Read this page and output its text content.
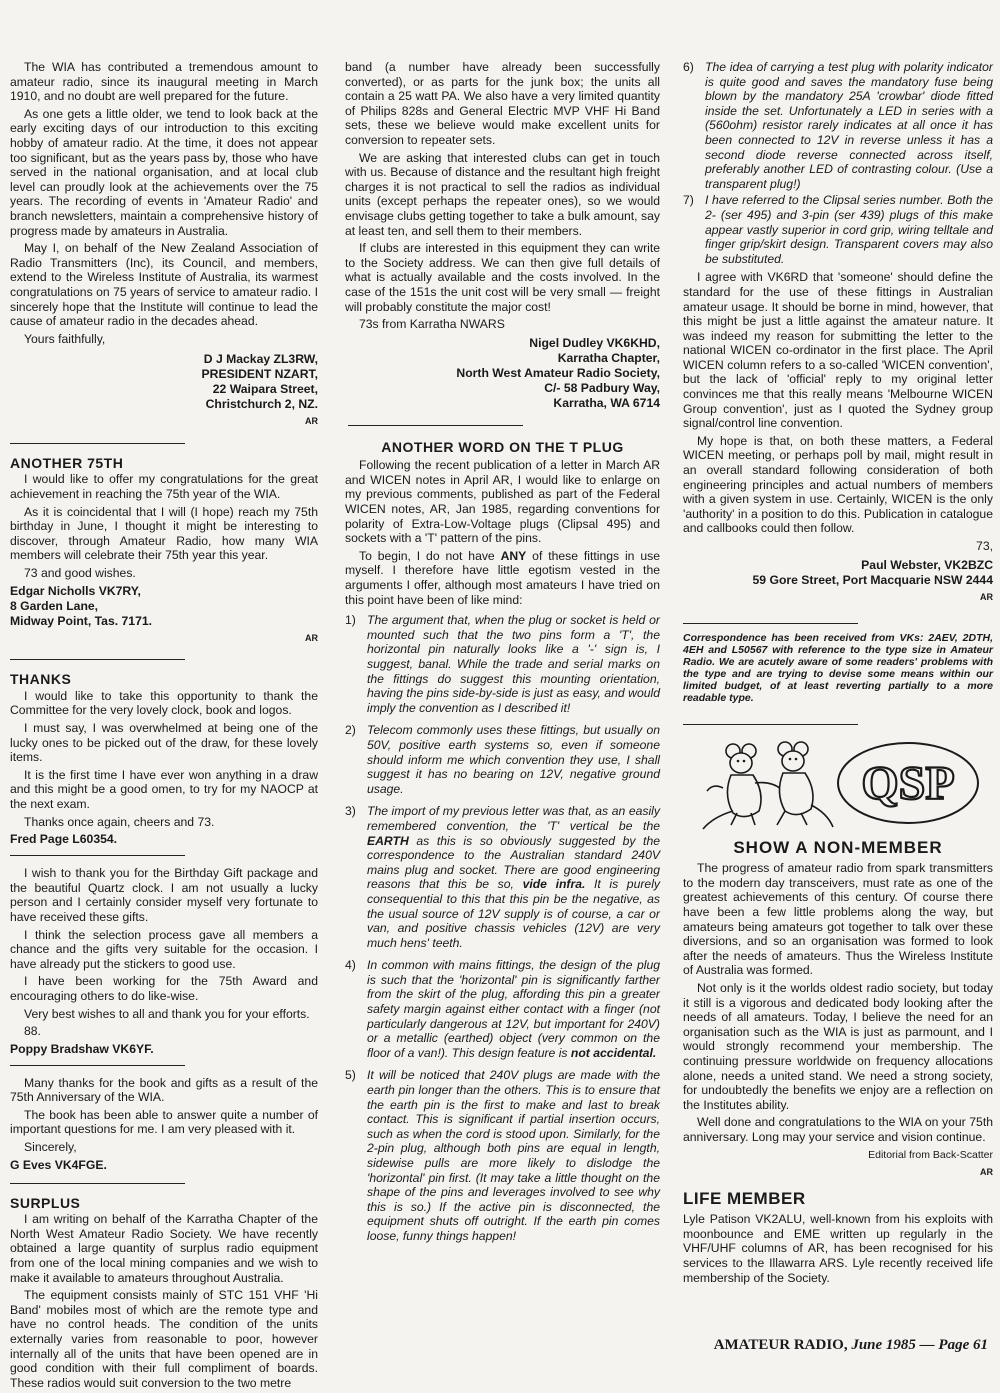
The WIA has contributed a tremendous amount to amateur radio, since its inaugural meeting in March 1910, and no doubt are well prepared for the future.

As one gets a little older, we tend to look back at the early exciting days of our introduction to this exciting hobby of amateur radio. At the time, it does not appear too significant, but as the years pass by, those who have served in the national organisation, and at local club level can proudly look at the achievements over the 75 years. The recording of events in 'Amateur Radio' and branch newsletters, maintain a comprehensive history of progress made by amateurs in Australia.

May I, on behalf of the New Zealand Association of Radio Transmitters (Inc), its Council, and members, extend to the Wireless Institute of Australia, its warmest congratulations on 75 years of service to amateur radio. I sincerely hope that the Institute will continue to lead the cause of amateur radio in the decades ahead.

Yours faithfully,

D J Mackay ZL3RW,
PRESIDENT NZART,
22 Waipara Street,
Christchurch 2, NZ.
AR
ANOTHER 75TH

I would like to offer my congratulations for the great achievement in reaching the 75th year of the WIA.

As it is coincidental that I will (I hope) reach my 75th birthday in June, I thought it might be interesting to discover, through Amateur Radio, how many WIA members will celebrate their 75th year this year.

73 and good wishes.

Edgar Nicholls VK7RY,
8 Garden Lane,
Midway Point, Tas. 7171.
AR
THANKS

I would like to take this opportunity to thank the Committee for the very lovely clock, book and logos.

I must say, I was overwhelmed at being one of the lucky ones to be picked out of the draw, for these lovely items.

It is the first time I have ever won anything in a draw and this might be a good omen, to try for my NAOCP at the next exam.

Thanks once again, cheers and 73.

Fred Page L60354.

I wish to thank you for the Birthday Gift package and the beautiful Quartz clock. I am not usually a lucky person and I certainly consider myself very fortunate to have received these gifts.

I think the selection process gave all members a chance and the gifts very suitable for the occasion. I have already put the stickers to good use.

I have been working for the 75th Award and encouraging others to do like-wise.

Very best wishes to all and thank you for your efforts.

88.

Poppy Bradshaw VK6YF.

Many thanks for the book and gifts as a result of the 75th Anniversary of the WIA.

The book has been able to answer quite a number of important questions for me. I am very pleased with it.

Sincerely,

G Eves VK4FGE.
SURPLUS

I am writing on behalf of the Karratha Chapter of the North West Amateur Radio Society. We have recently obtained a large quantity of surplus radio equipment from one of the local mining companies and we wish to make it available to amateurs throughout Australia.

The equipment consists mainly of STC 151 VHF 'Hi Band' mobiles most of which are the remote type and have no control heads. The condition of the units externally varies from reasonable to poor, however internally all of the units that have been opened are in good condition with their full compliment of boards. These radios would suit conversion to the two metre

band (a number have already been successfully converted), or as parts for the junk box; the units all contain a 25 watt PA. We also have a very limited quantity of Philips 828s and General Electric MVP VHF Hi Band sets, these we believe would make excellent units for conversion to repeater sets.

We are asking that interested clubs can get in touch with us. Because of distance and the resultant high freight charges it is not practical to sell the radios as individual units (except perhaps the repeater ones), so we would envisage clubs getting together to take a bulk amount, say at least ten, and sell them to their members.

If clubs are interested in this equipment they can write to the Society address. We can then give full details of what is actually available and the costs involved. In the case of the 151s the unit cost will be very small — freight will probably constitute the major cost!

73s from Karratha NWARS

Nigel Dudley VK6KHD,
Karratha Chapter,
North West Amateur Radio Society,
C/- 58 Padbury Way,
Karratha, WA 6714
ANOTHER WORD ON THE T PLUG

Following the recent publication of a letter in March AR and WICEN notes in April AR, I would like to enlarge on my previous comments, published as part of the Federal WICEN notes, AR, Jan 1985, regarding conventions for polarity of Extra-Low-Voltage plugs (Clipsal 495) and sockets with a 'T' pattern of the pins.

To begin, I do not have ANY of these fittings in use myself. I therefore have little egotism vested in the arguments I offer, although most amateurs I have tried on this point have been of like mind:

1) The argument that, when the plug or socket is held or mounted such that the two pins form a 'T', the horizontal pin naturally looks like a '-' sign is, I suggest, banal. While the trade and serial marks on the fittings do suggest this mounting orientation, having the pins side-by-side is just as easy, and would imply the convention as I described it!
2) Telecom commonly uses these fittings, but usually on 50V, positive earth systems so, even if someone should inform me which convention they use, I shall suggest it has no bearing on 12V, negative ground usage.
3) The import of my previous letter was that, as an easily remembered convention, the 'T' vertical be the EARTH as this is so obviously suggested by the correspondence to the Australian standard 240V mains plug and socket. There are good engineering reasons that this be so, vide infra. It is purely consequential to this that this pin be the negative, as the usual source of 12V supply is of course, a car or van, and positive chassis vehicles (12V) are very much hens' teeth.
4) In common with mains fittings, the design of the plug is such that the 'horizontal' pin is significantly farther from the skirt of the plug, affording this pin a greater safety margin against either contact with a finger (not particularly dangerous at 12V, but important for 240V) or a metallic (earthed) object (very common on the floor of a van!). This design feature is not accidental.
5) It will be noticed that 240V plugs are made with the earth pin longer than the others. This is to ensure that the earth pin is the first to make and last to break contact. This is significant if partial insertion occurs, such as when the cord is stood upon. Similarly, for the 2-pin plug, although both pins are equal in length, sidewise pulls are more likely to dislodge the 'horizontal' pin first. (It may take a little thought on the shape of the pins and leverages involved to see why this is so.) If the active pin is disconnected, the equipment shuts off outright. If the earth pin comes loose, funny things happen!
6) The idea of carrying a test plug with polarity indicator is quite good and saves the mandatory fuse being blown by the mandatory 25A 'crowbar' diode fitted inside the set. Unfortunately a LED in series with a (560ohm) resistor rarely indicates at all once it has been connected to 12V in reverse unless it has a second diode reverse connected across itself, preferably another LED of contrasting colour. (Use a transparent plug!)
7) I have referred to the Clipsal series number. Both the 2- (ser 495) and 3-pin (ser 439) plugs of this make appear vastly superior in cord grip, wiring telltale and finger grip/skirt design. Transparent covers may also be substituted.

I agree with VK6RD that 'someone' should define the standard for the use of these fittings in Australian amateur usage. It should be borne in mind, however, that this might be just a little against the amateur nature. It was indeed my reason for submitting the letter to the national WICEN co-ordinator in the first place. The April WICEN column refers to a so-called 'WICEN convention', but the lack of 'official' reply to my original letter convinces me that this really means 'Melbourne WICEN Group convention', just as I quoted the Sydney group signal/control line convention.

My hope is that, on both these matters, a Federal WICEN meeting, or perhaps poll by mail, might result in an overall standard following consideration of both engineering principles and actual numbers of members with a given system in use. Certainly, WICEN is the only 'authority' in a position to do this. Publication in catalogue and callbooks could then follow.

73,
Paul Webster, VK2BZC
59 Gore Street, Port Macquarie NSW 2444
AR
Correspondence has been received from VKs: 2AEV, 2DTH, 4EH and L50567 with reference to the type size in Amateur Radio. We are acutely aware of some readers' problems with the type and are trying to devise some means within our limited budget, of at least reverting partially to a more readable type.
QSP
SHOW A NON-MEMBER

The progress of amateur radio from spark transmitters to the modern day transceivers, must rate as one of the greatest achievements of this century. Of course there have been a few little problems along the way, but amateurs being amateurs got together to talk over these diversions, and so an organisation was formed to look after the needs of amateurs. Thus the Wireless Institute of Australia was formed.

Not only is it the worlds oldest radio society, but today it still is a vigorous and dedicated body looking after the needs of all amateurs. Today, I believe the need for an organisation such as the WIA is just as parmount, and I would strongly recommend your membership. The continuing pressure worldwide on frequency allocations alone, needs a united stand. We need a strong society, for undoubtedly the benefits we enjoy are a reflection on the Institutes ability.

Well done and congratulations to the WIA on your 75th anniversary. Long may your service and vision continue.

Editorial from Back-Scatter
AR
LIFE MEMBER

Lyle Patison VK2ALU, well-known from his exploits with moonbounce and EME written up regularly in the VHF/UHF columns of AR, has been recognised for his services to the Illawarra ARS. Lyle recently received life membership of the Society.

AMATEUR RADIO, June 1985 — Page 61
